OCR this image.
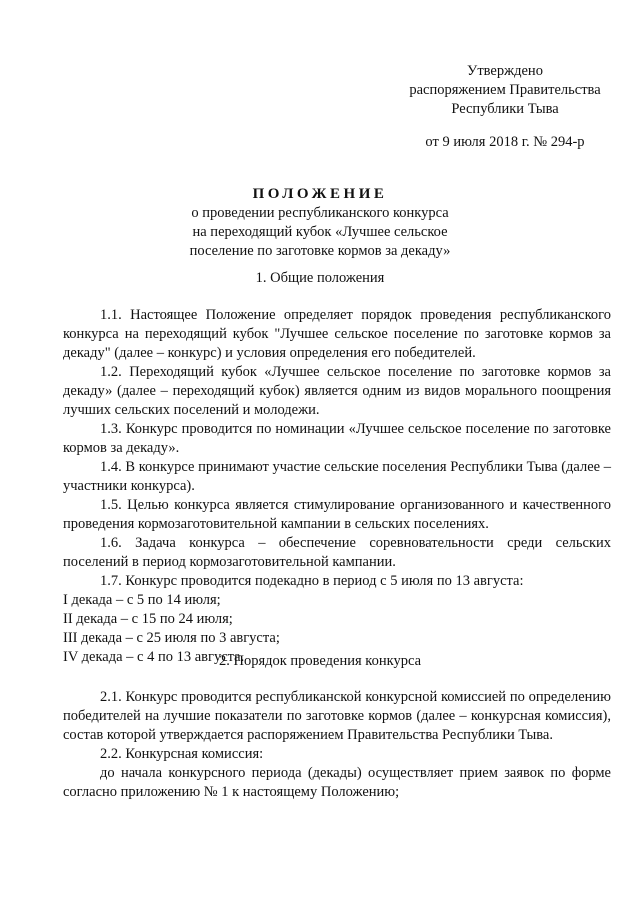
Утверждено
распоряжением Правительства
Республики Тыва
от 9 июля 2018 г. № 294-р
ПОЛОЖЕНИЕ
о проведении республиканского конкурса
на переходящий кубок «Лучшее сельское
поселение по заготовке кормов за декаду»
1. Общие положения

1.1. Настоящее Положение определяет порядок проведения республиканского конкурса на переходящий кубок "Лучшее сельское поселение по заготовке кормов за декаду" (далее – конкурс) и условия определения его победителей.

1.2. Переходящий кубок «Лучшее сельское поселение по заготовке кормов за декаду» (далее – переходящий кубок) является одним из видов морального поощрения лучших сельских поселений и молодежи.

1.3. Конкурс проводится по номинации «Лучшее сельское поселение по заготовке кормов за декаду».

1.4. В конкурсе принимают участие сельские поселения Республики Тыва (далее – участники конкурса).

1.5. Целью конкурса является стимулирование организованного и качественного проведения кормозаготовительной кампании в сельских поселениях.

1.6. Задача конкурса – обеспечение соревновательности среди сельских поселений в период кормозаготовительной кампании.

1.7. Конкурс проводится подекадно в период с 5 июля по 13 августа:

I декада – с 5 по 14 июля;

II декада – с 15 по 24 июля;

III декада – с 25 июля по 3 августа;

IV декада – с 4 по 13 августа.

2. Порядок проведения конкурса

2.1. Конкурс проводится республиканской конкурсной комиссией по определению победителей на лучшие показатели по заготовке кормов (далее – конкурсная комиссия), состав которой утверждается распоряжением Правительства Республики Тыва.

2.2. Конкурсная комиссия:

до начала конкурсного периода (декады) осуществляет прием заявок по форме согласно приложению № 1 к настоящему Положению;
